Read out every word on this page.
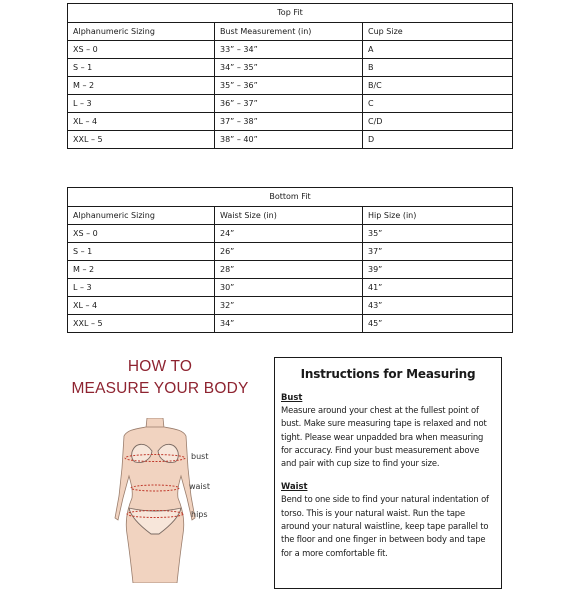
Top Fit		
Alphanumeric Sizing	Bust Measurement (in)	Cup Size
XS – 0	33” – 34”	A
S – 1	34” – 35”	B
M – 2	35” – 36”	B/C
L – 3	36” – 37”	C
XL – 4	37” – 38”	C/D
XXL – 5	38” – 40”	D
Bottom Fit		
Alphanumeric Sizing	Waist Size (in)	Hip Size (in)
XS – 0	24”	35”
S – 1	26”	37”
M – 2	28”	39”
L – 3	30”	41”
XL – 4	32”	43”
XXL – 5	34”	45”
HOW TO
MEASURE YOUR BODY
bust
waist
hips
Instructions for Measuring
Bust
Measure around your chest at the fullest point of bust. Make sure measuring tape is relaxed and not tight. Please wear unpadded bra when measuring for accuracy. Find your bust measurement above and pair with cup size to find your size.
Waist
Bend to one side to find your natural indentation of torso. This is your natural waist. Run the tape around your natural waistline, keep tape parallel to the floor and one finger in between body and tape for a more comfortable fit.
